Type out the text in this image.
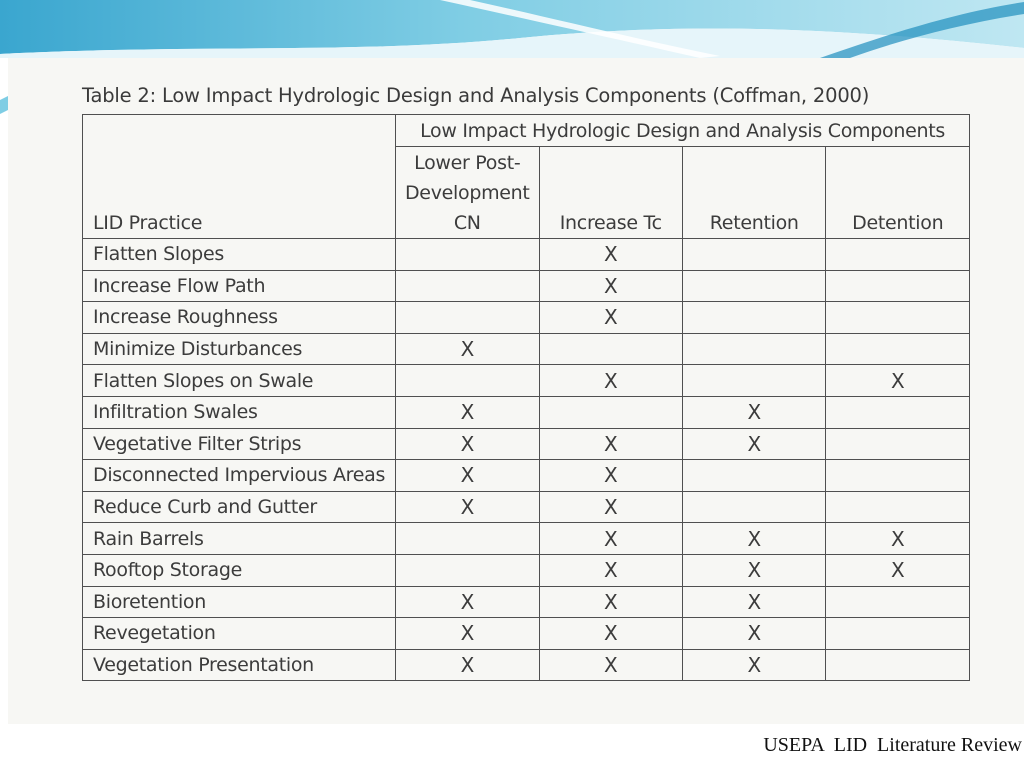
Table 2: Low Impact Hydrologic Design and Analysis Components (Coffman, 2000)
LID Practice	Low Impact Hydrologic Design and Analysis Components			

	Lower Post-
Development
CN	Increase Tc	Retention	Detention
Flatten Slopes		X		
Increase Flow Path		X		
Increase Roughness		X		
Minimize Disturbances	X			
Flatten Slopes on Swale		X		X
Infiltration Swales	X		X	
Vegetative Filter Strips	X	X	X	
Disconnected Impervious Areas	X	X		
Reduce Curb and Gutter	X	X		
Rain Barrels		X	X	X
Rooftop Storage		X	X	X
Bioretention	X	X	X	
Revegetation	X	X	X	
Vegetation Presentation	X	X	X	
USEPA  LID  Literature Review
